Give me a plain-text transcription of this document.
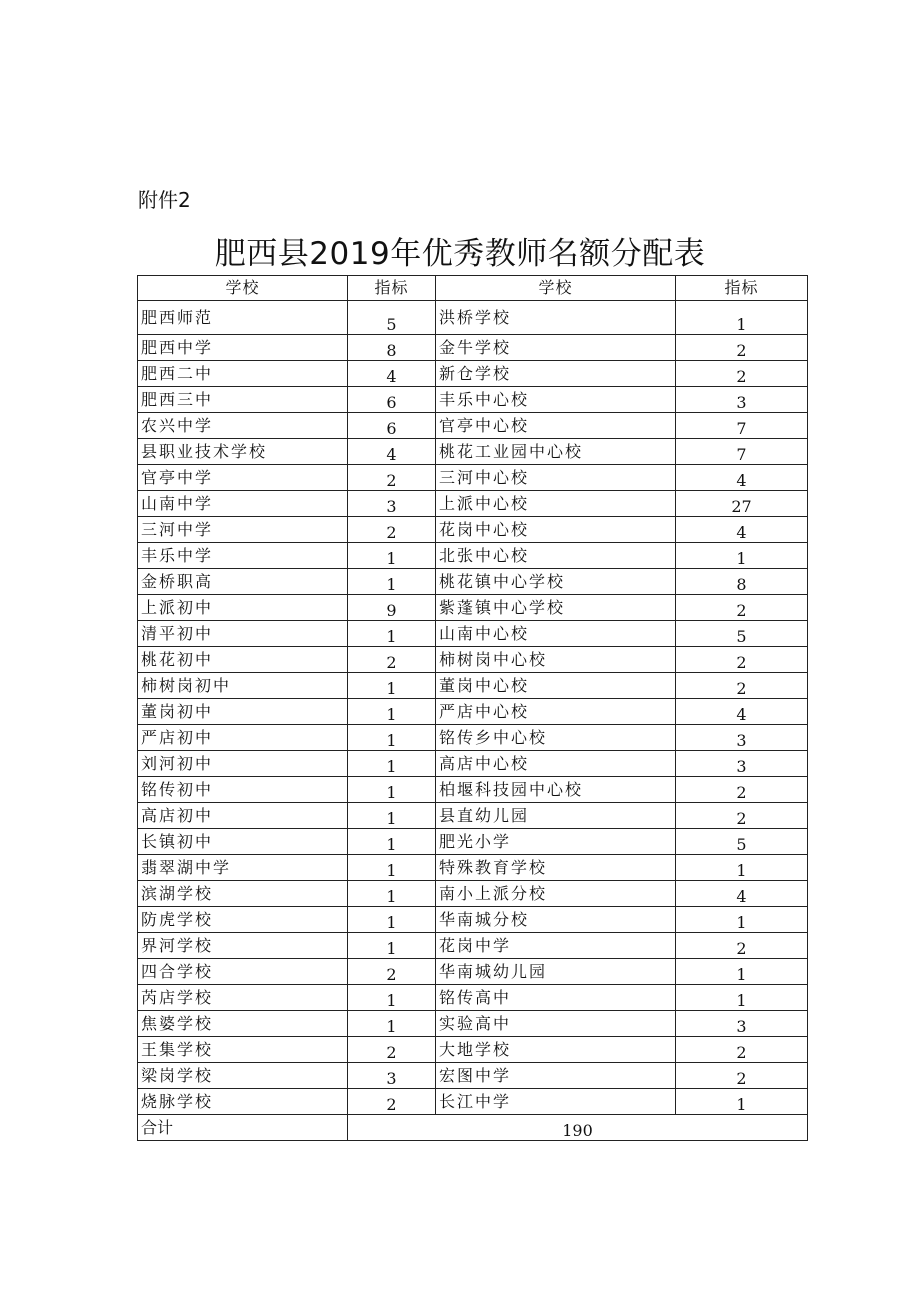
附件2
肥西县2019年优秀教师名额分配表
学校	指标	学校	指标
肥西师范	5	洪桥学校	1
肥西中学	8	金牛学校	2
肥西二中	4	新仓学校	2
肥西三中	6	丰乐中心校	3
农兴中学	6	官亭中心校	7
县职业技术学校	4	桃花工业园中心校	7
官亭中学	2	三河中心校	4
山南中学	3	上派中心校	27
三河中学	2	花岗中心校	4
丰乐中学	1	北张中心校	1
金桥职高	1	桃花镇中心学校	8
上派初中	9	紫蓬镇中心学校	2
清平初中	1	山南中心校	5
桃花初中	2	柿树岗中心校	2
柿树岗初中	1	董岗中心校	2
董岗初中	1	严店中心校	4
严店初中	1	铭传乡中心校	3
刘河初中	1	高店中心校	3
铭传初中	1	柏堰科技园中心校	2
高店初中	1	县直幼儿园	2
长镇初中	1	肥光小学	5
翡翠湖中学	1	特殊教育学校	1
滨湖学校	1	南小上派分校	4
防虎学校	1	华南城分校	1
界河学校	1	花岗中学	2
四合学校	2	华南城幼儿园	1
芮店学校	1	铭传高中	1
焦婆学校	1	实验高中	3
王集学校	2	大地学校	2
梁岗学校	3	宏图中学	2
烧脉学校	2	长江中学	1
合计	190		
